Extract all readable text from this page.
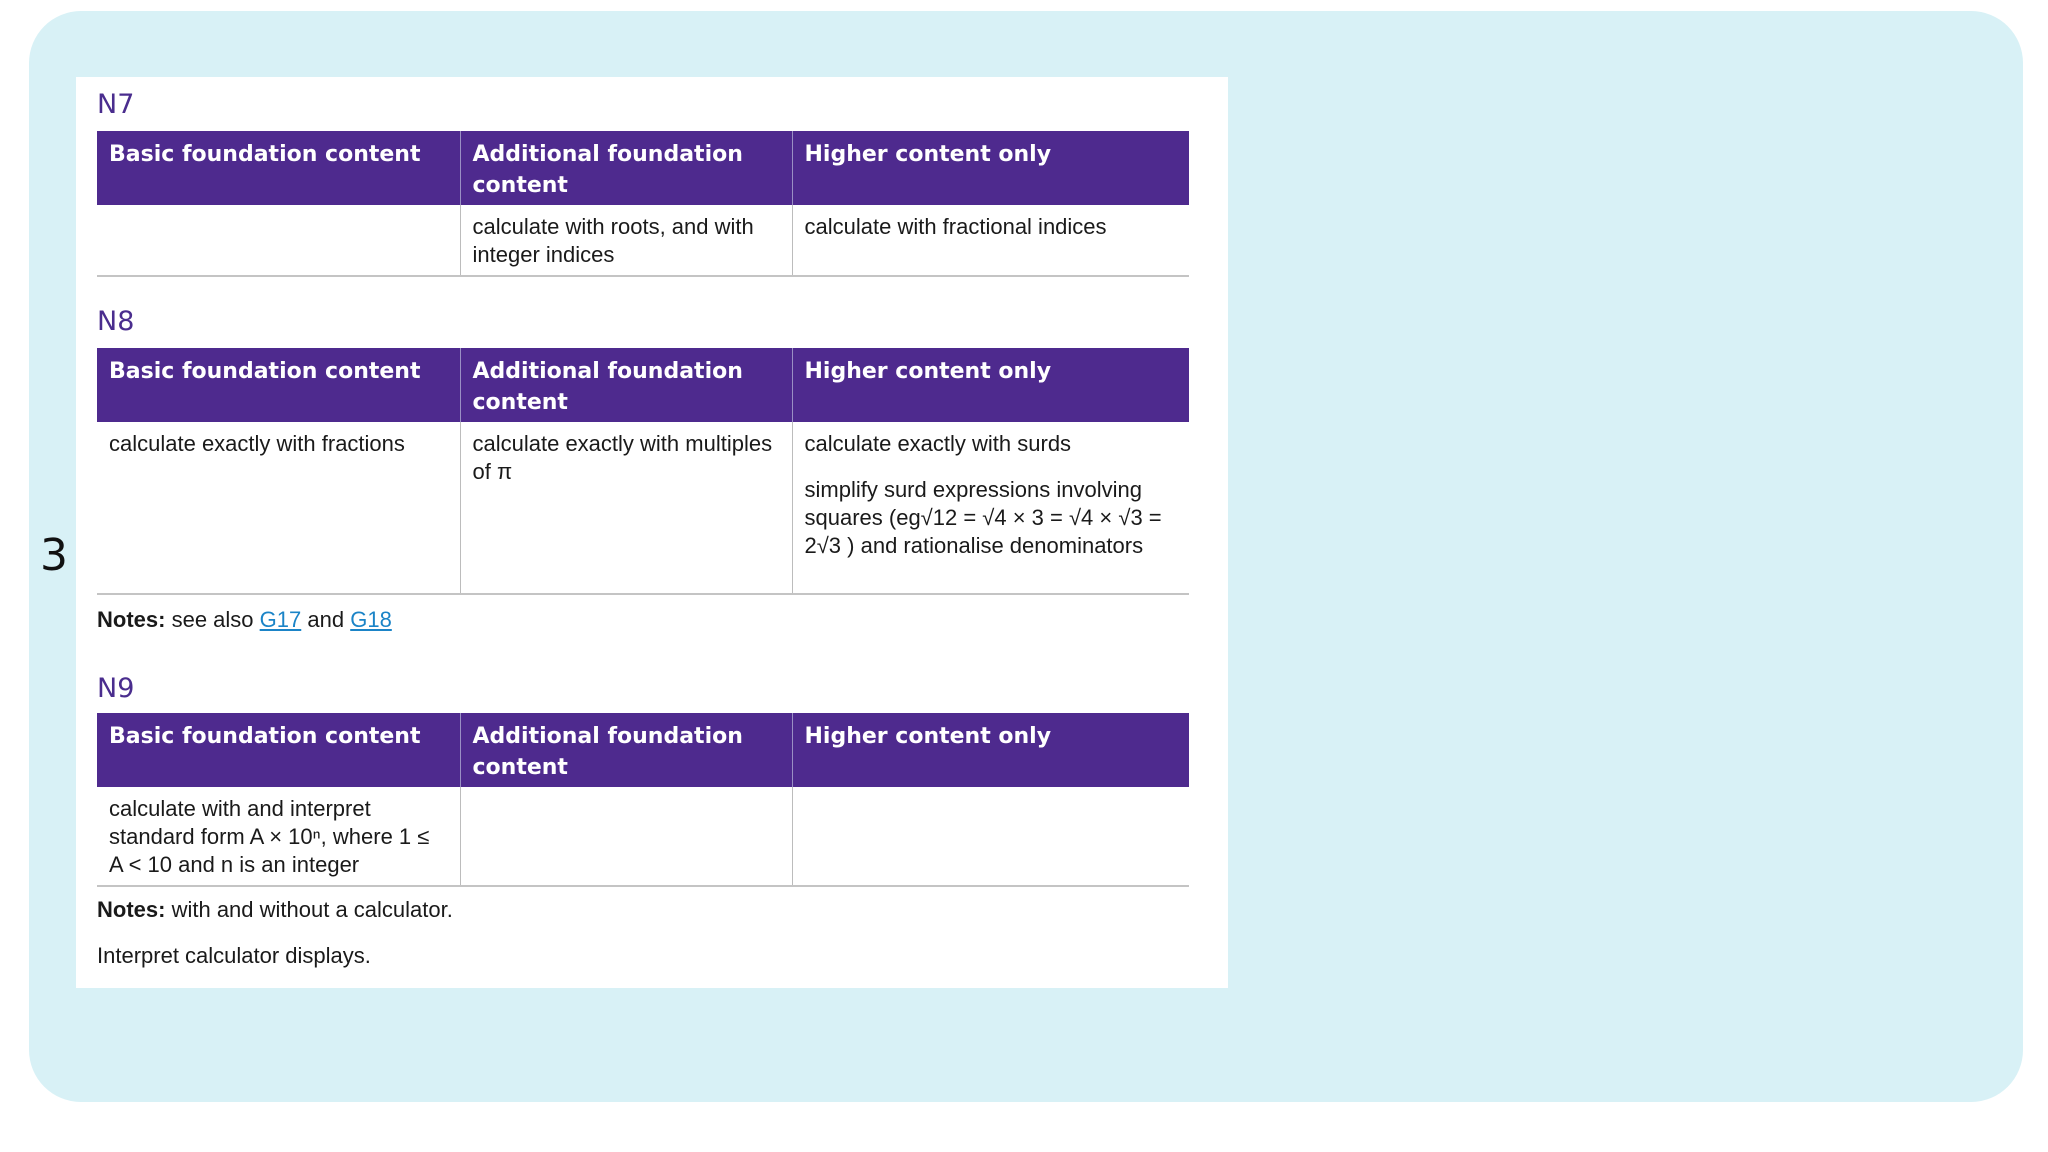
3
N7
Basic foundation content	Additional foundation content	Higher content only
	calculate with roots, and with integer indices	calculate with fractional indices
N8
Basic foundation content	Additional foundation content	Higher content only
calculate exactly with fractions	calculate exactly with multiples of π	calculate exactly with surds

simplify surd expressions involving squares (eg√12 = √4 × 3 = √4 × √3 = 2√3 ) and rationalise denominators

Notes: see also G17 and G18
N9
Basic foundation content	Additional foundation content	Higher content only
calculate with and interpret standard form A × 10ⁿ, where 1 ≤ A < 10 and n is an integer		
Notes: with and without a calculator.
Interpret calculator displays.
